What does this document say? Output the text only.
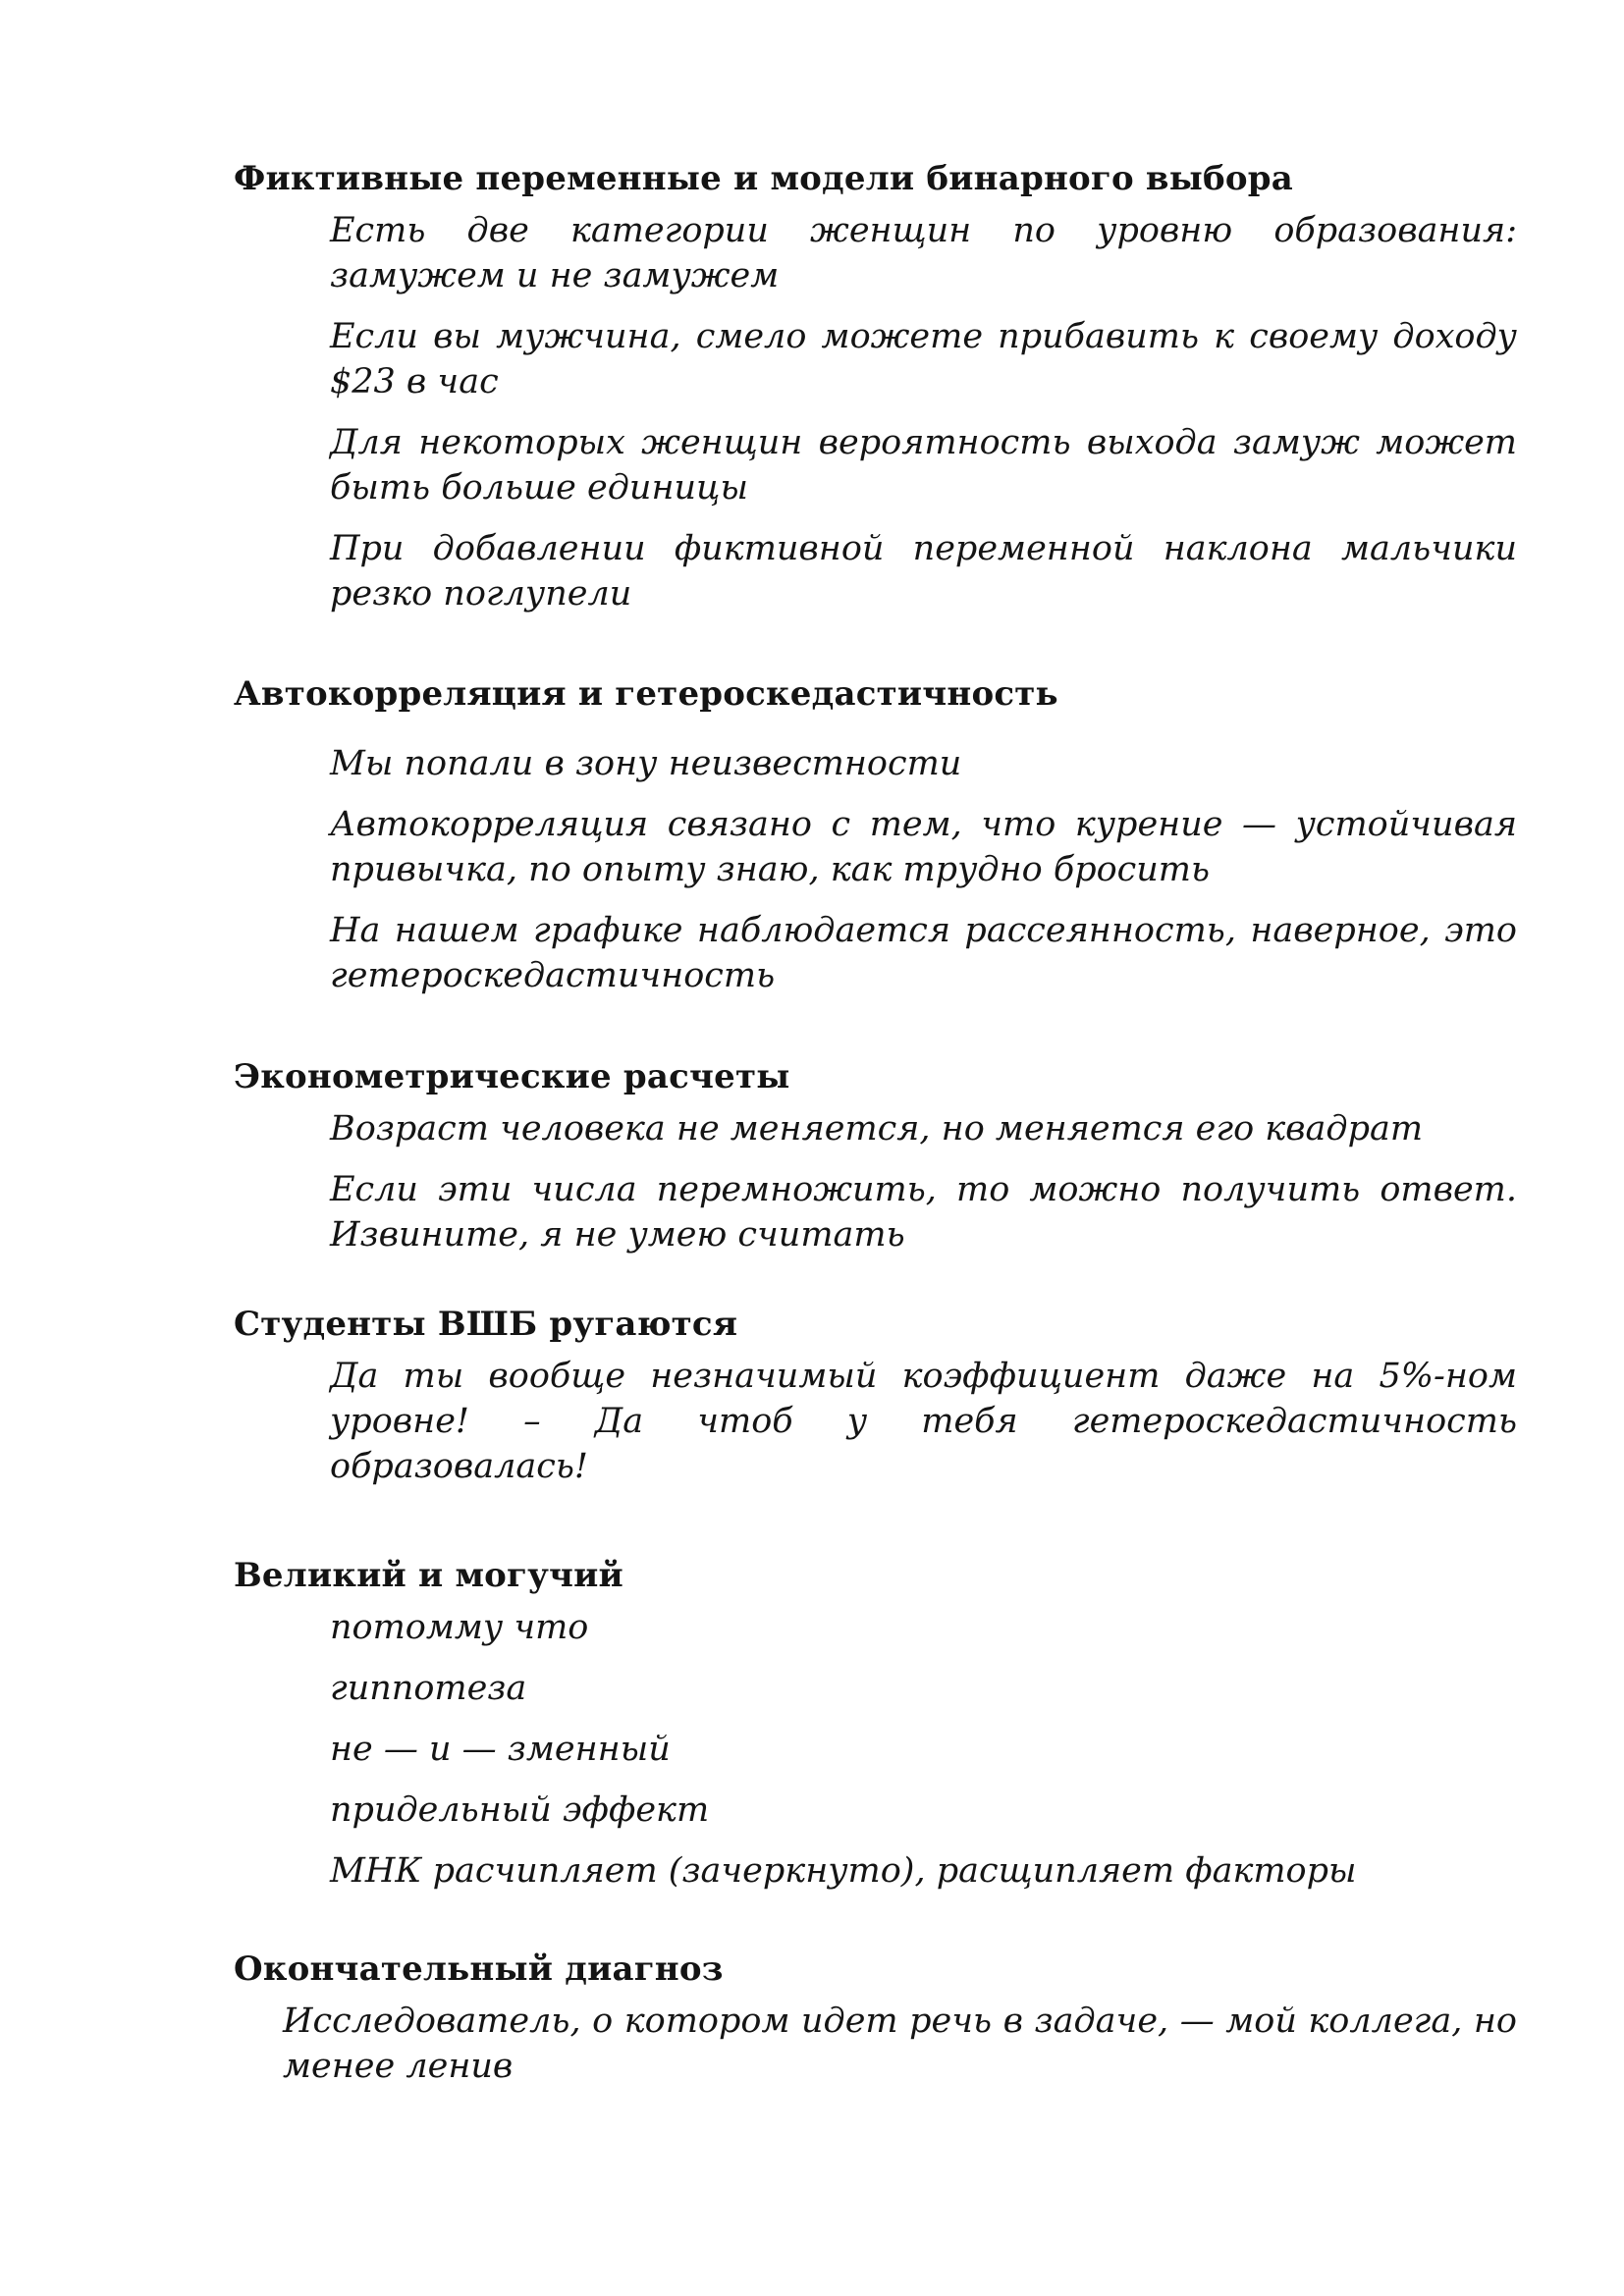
Фиктивные переменные и модели бинарного выбора

Есть две категории женщин по уровню образования: замужем и не замужем

Если вы мужчина, смело можете прибавить к своему доходу $23 в час

Для некоторых женщин вероятность выхода замуж может быть больше единицы

При добавлении фиктивной переменной наклона мальчики резко поглупели

Автокорреляция и гетероскедастичность

Мы попали в зону неизвестности

Автокорреляция связано с тем, что курение — устойчивая привычка, по опыту знаю, как трудно бросить

На нашем графике наблюдается рассеянность, наверное, это гетероскедастичность

Эконометрические расчеты

Возраст человека не меняется, но меняется его квадрат

Если эти числа перемножить, то можно получить ответ. Извините, я не умею считать

Студенты ВШБ ругаются

Да ты вообще незначимый коэффициент даже на 5%-ном уровне! – Да чтоб у тебя гетероскедастичность образовалась!

Великий и могучий

потомму что

гиппотеза

не — и — зменный

придельный эффект

МНК расчипляет (зачеркнуто), расщипляет факторы

Окончательный диагноз

Исследователь, о котором идет речь в задаче, — мой коллега, но менее ленив
